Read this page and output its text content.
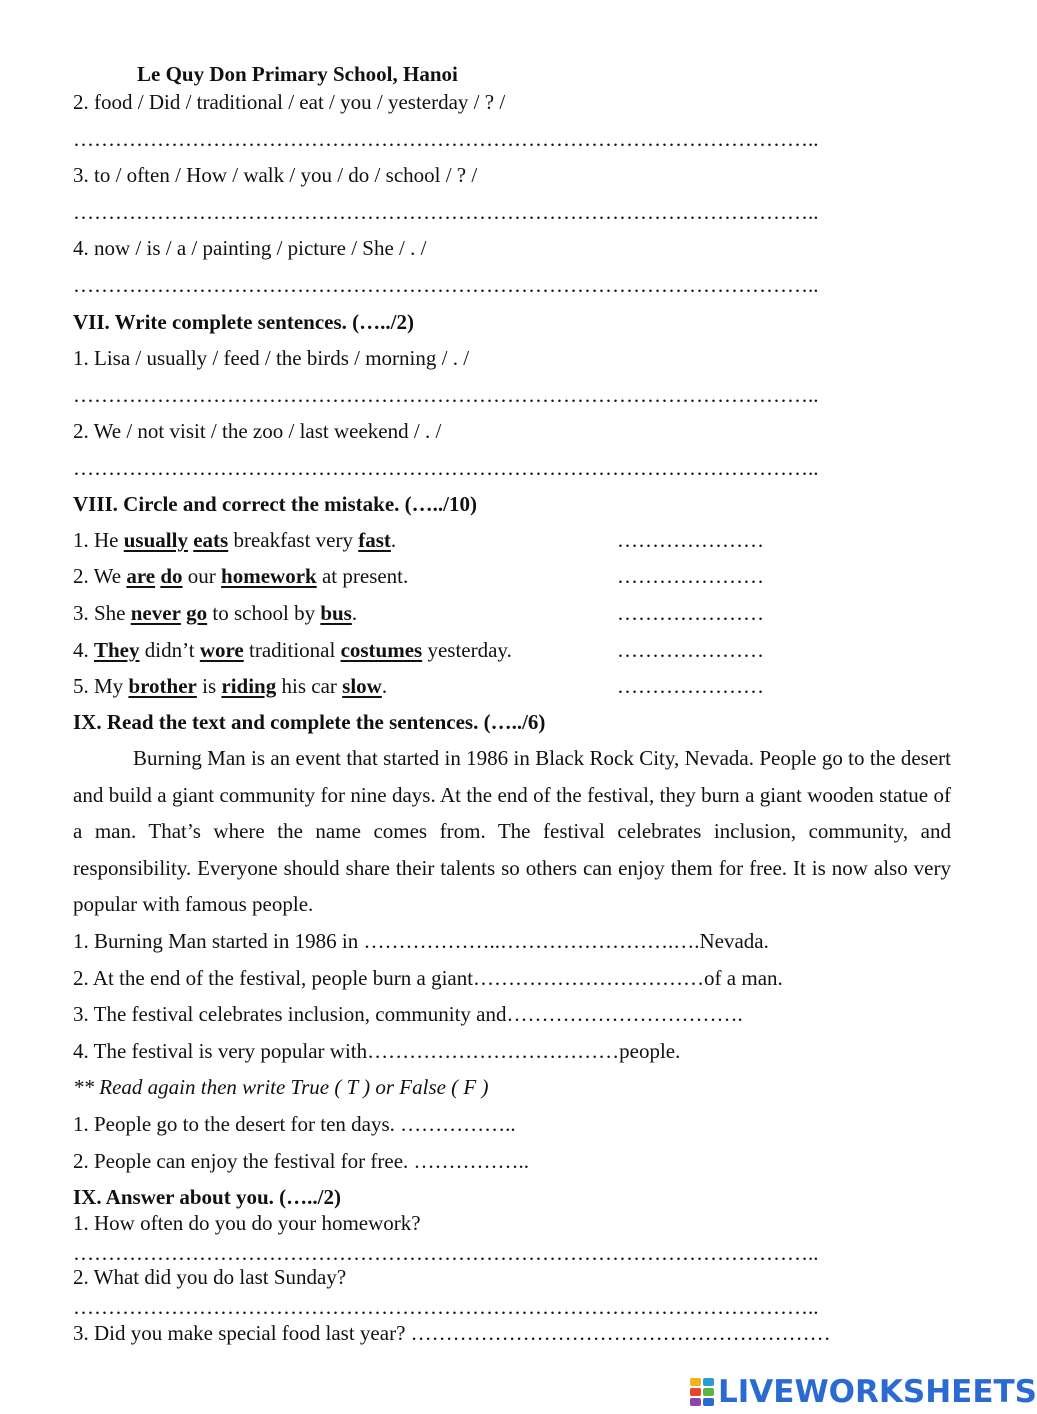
Le Quy Don Primary School, Hanoi
2. food / Did / traditional / eat / you / yesterday / ? /
……………………………………………………………………………………………..
3. to / often / How / walk / you / do / school / ? /
……………………………………………………………………………………………..
4. now / is / a / painting / picture / She / . /
……………………………………………………………………………………………..
VII. Write complete sentences. (…../2)
1. Lisa / usually / feed / the birds / morning / . /
……………………………………………………………………………………………..
2. We / not visit / the zoo / last weekend / . /
……………………………………………………………………………………………..
VIII. Circle and correct the mistake. (…../10)
1. He usually eats breakfast very fast.	…………………
2. We are do our homework at present.	…………………
3. She never go to school by bus.	…………………
4. They didn’t wore traditional costumes yesterday.	…………………
5. My brother is riding his car slow.	…………………
IX. Read the text and complete the sentences. (…../6)
Burning Man is an event that started in 1986 in Black Rock City, Nevada. People go to the desert and build a giant community for nine days. At the end of the festival, they burn a giant wooden statue of a man. That’s where the name comes from. The festival celebrates inclusion, community, and responsibility. Everyone should share their talents so others can enjoy them for free. It is now also very popular with famous people.
1. Burning Man started in 1986 in ………………..…………………….….Nevada.
2. At the end of the festival, people burn a giant……………………………of a man.
3. The festival celebrates inclusion, community and…………………………….
4. The festival is very popular with………………………………people.
** Read again then write True ( T ) or False ( F )
1. People go to the desert for ten days. ……………..
2. People can enjoy the festival for free. ……………..
IX. Answer about you. (…../2)
1. How often do you do your homework?
……………………………………………………………………………………………..
2. What did you do last Sunday?
……………………………………………………………………………………………..
3. Did you make special food last year? ……………………………………………………
LIVEWORKSHEETS
